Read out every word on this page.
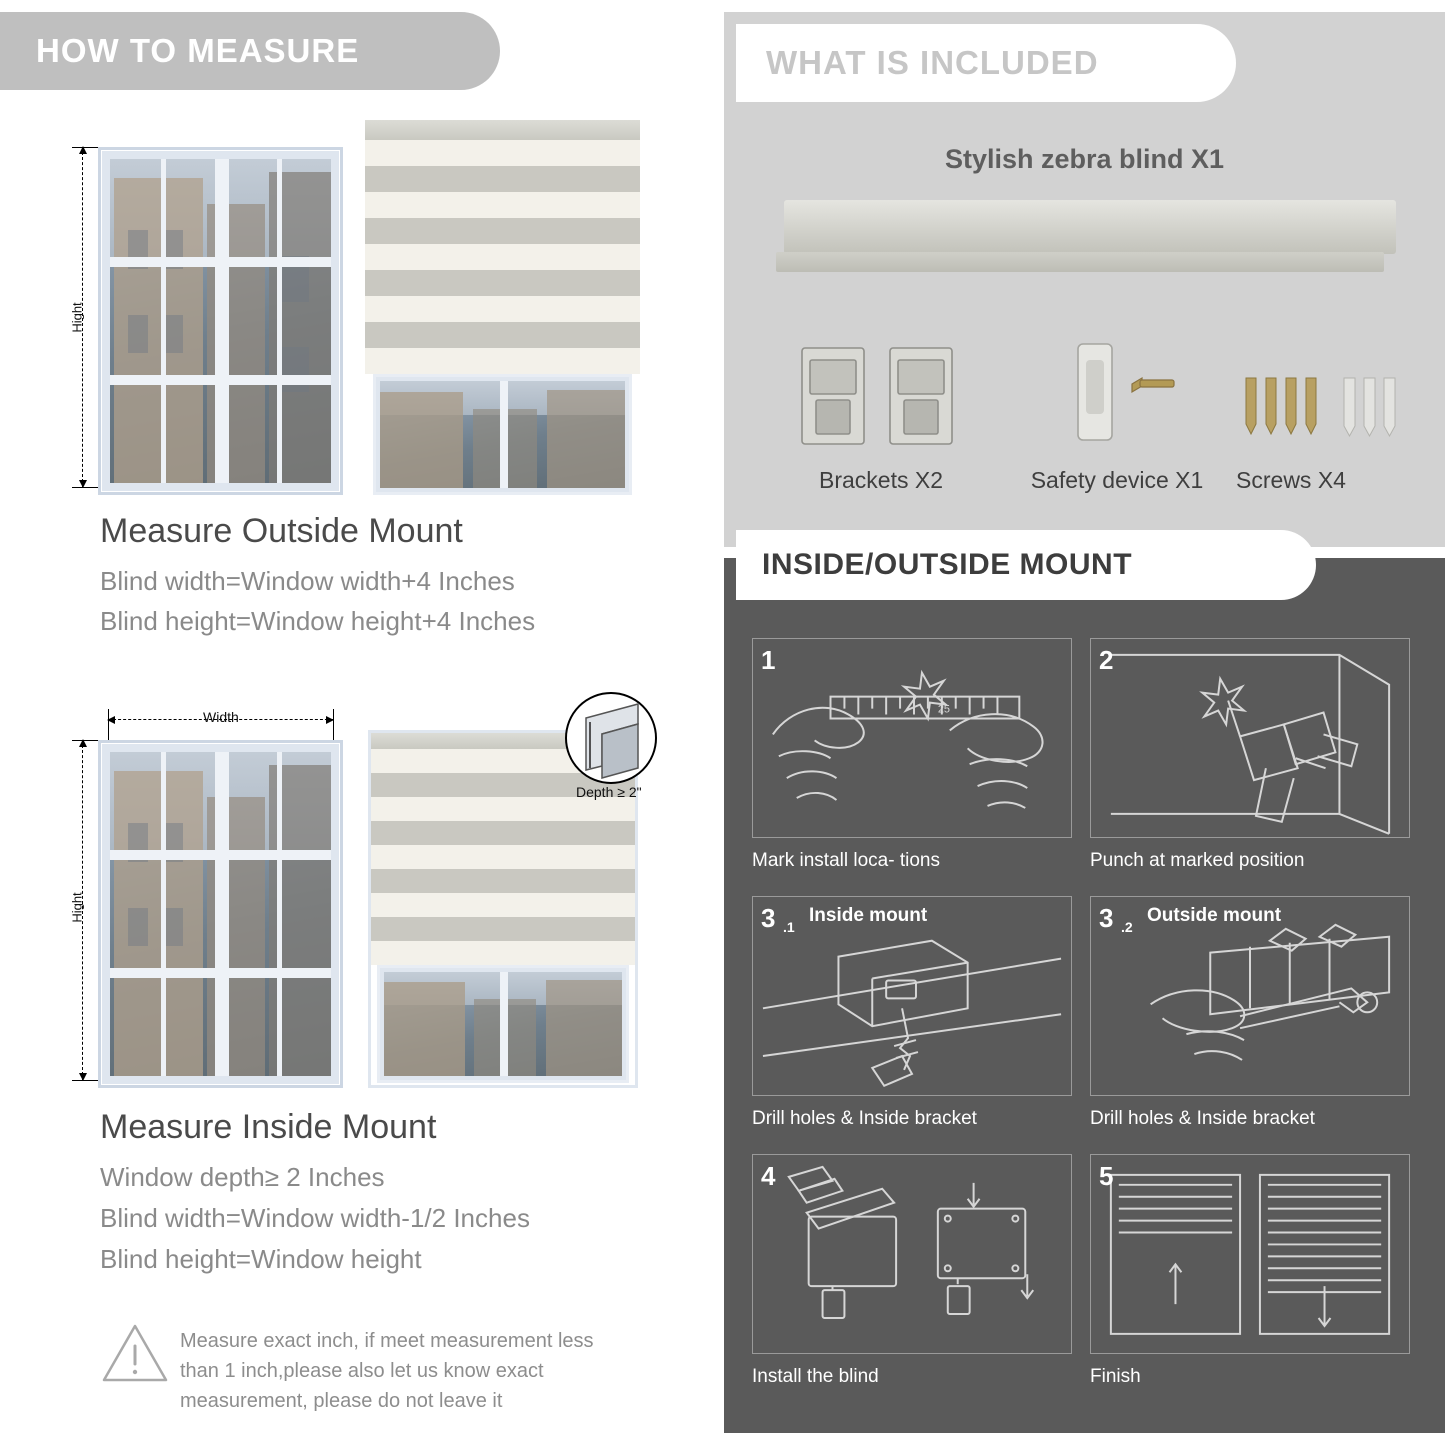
HOW TO MEASURE
Hight
Measure Outside Mount
Blind width=Window width+4 Inches
Blind height=Window height+4 Inches
Width
Hight
Depth ≥ 2"
Measure Inside Mount
Window depth≥ 2 Inches
Blind width=Window width-1/2 Inches
Blind height=Window height
Measure exact inch, if meet measurement less than 1 inch,please also let us know exact measurement, please do not leave it
WHAT IS INCLUDED
Stylish zebra blind X1
Brackets X2	Safety device X1	Screws X4
INSIDE/OUTSIDE MOUNT
25
1
Mark install loca- tions
2
Punch at marked position
3 .1
Inside mount
Drill holes & Inside bracket
3 .2
Outside mount
Drill holes & Inside bracket
4
Install the blind
5
Finish
